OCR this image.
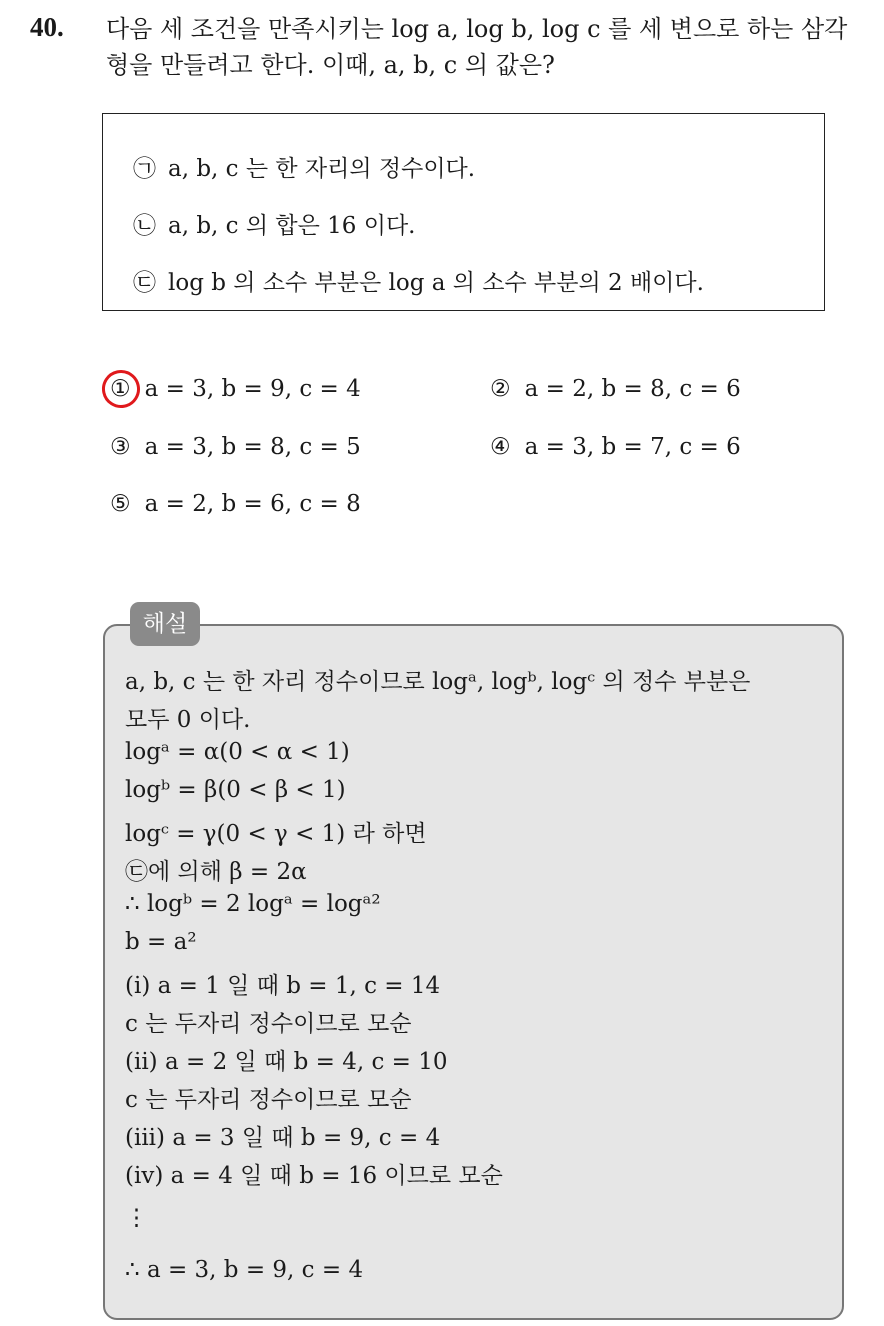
40. 다음 세 조건을 만족시키는 log a, log b, log c 를 세 변으로 하는 삼각
형을 만들려고 한다. 이때, a, b, c 의 값은?
㉠ a, b, c 는 한 자리의 정수이다.
㉡ a, b, c 의 합은 16 이다.
㉢ log b 의 소수 부분은 log a 의 소수 부분의 2 배이다.
① a = 3, b = 9, c = 4	② a = 2, b = 8, c = 6
③ a = 3, b = 8, c = 5	④ a = 3, b = 7, c = 6
⑤ a = 2, b = 6, c = 8
해설
a, b, c 는 한 자리 정수이므로 logᵃ, logᵇ, logᶜ 의 정수 부분은
모두 0 이다.
logᵃ = α(0 < α < 1)
logᵇ = β(0 < β < 1)
logᶜ = γ(0 < γ < 1) 라 하면
㉢에 의해 β = 2α
∴ logᵇ = 2 logᵃ = logᵃ²
b = a²
(i) a = 1 일 때 b = 1, c = 14
c 는 두자리 정수이므로 모순
(ii) a = 2 일 때 b = 4, c = 10
c 는 두자리 정수이므로 모순
(iii) a = 3 일 때 b = 9, c = 4
(iv) a = 4 일 때 b = 16 이므로 모순
⋮
∴ a = 3, b = 9, c = 4
